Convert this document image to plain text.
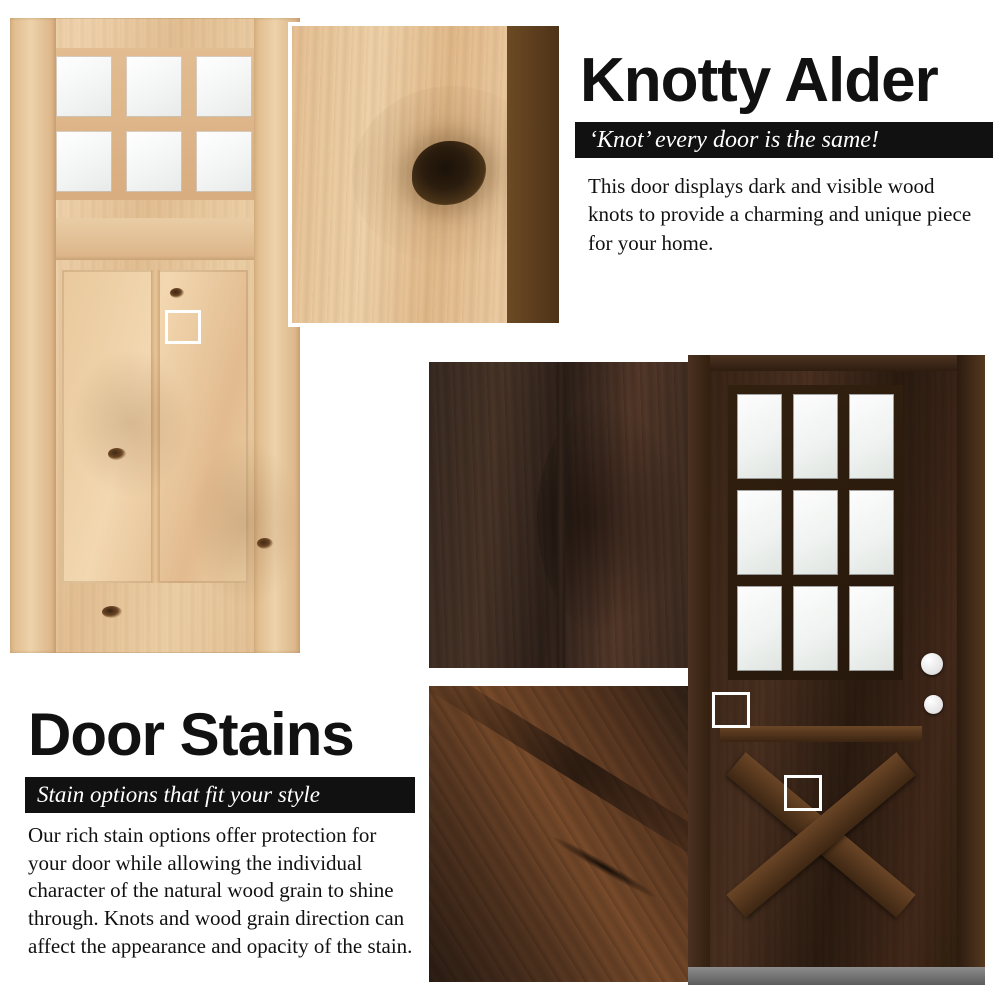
Knotty Alder
‘Knot’ every door is the same!
This door displays dark and visible wood knots to provide a charming and unique piece for your home.
Door Stains
Stain options that fit your style
Our rich stain options offer protection for your door while allowing the individual character of the natural wood grain to shine through. Knots and wood grain direction can affect the appearance and opacity of the stain.
